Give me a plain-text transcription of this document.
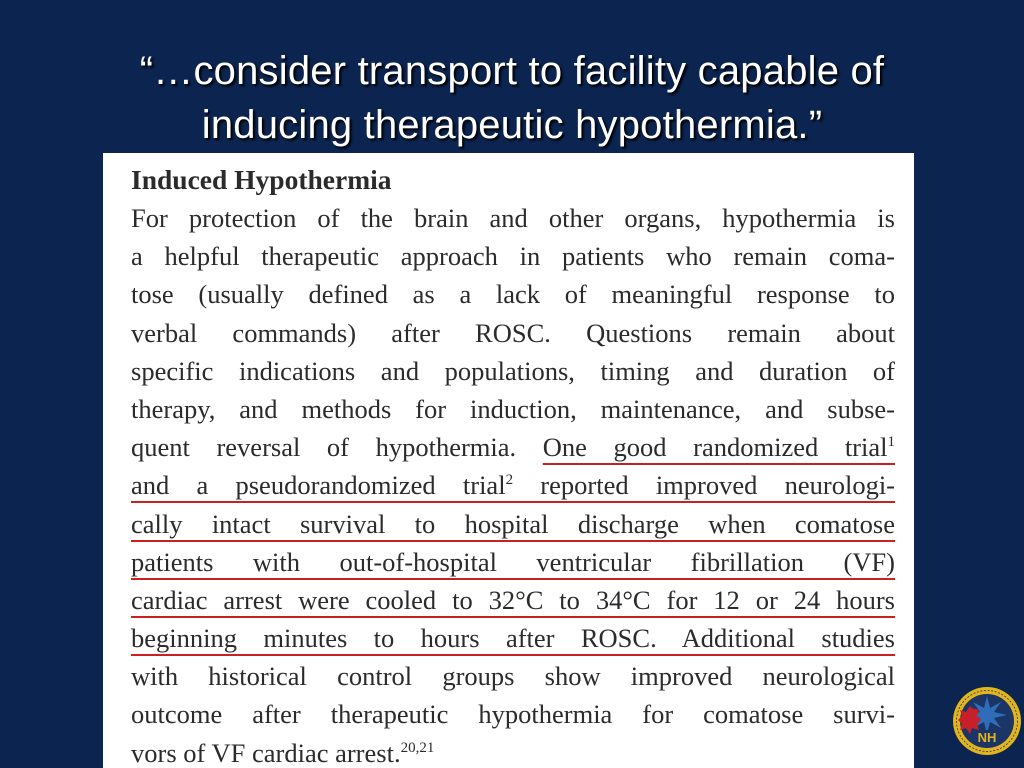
“…consider transport to facility capable of
inducing therapeutic hypothermia.”
Induced Hypothermia
For protection of the brain and other organs, hypothermia is
a helpful therapeutic approach in patients who remain coma-
tose (usually defined as a lack of meaningful response to
verbal commands) after ROSC. Questions remain about
specific indications and populations, timing and duration of
therapy, and methods for induction, maintenance, and subse-
quent reversal of hypothermia. One good randomized trial$^1$
and a pseudorandomized trial$^2$ reported improved neurologi-
cally intact survival to hospital discharge when comatose
patients with out-of-hospital ventricular fibrillation (VF)
cardiac arrest were cooled to 32°C to 34°C for 12 or 24 hours
beginning minutes to hours after ROSC. Additional studies
with historical control groups show improved neurological
outcome after therapeutic hypothermia for comatose survi-
vors of VF cardiac arrest.$^{20,21}$
NH
